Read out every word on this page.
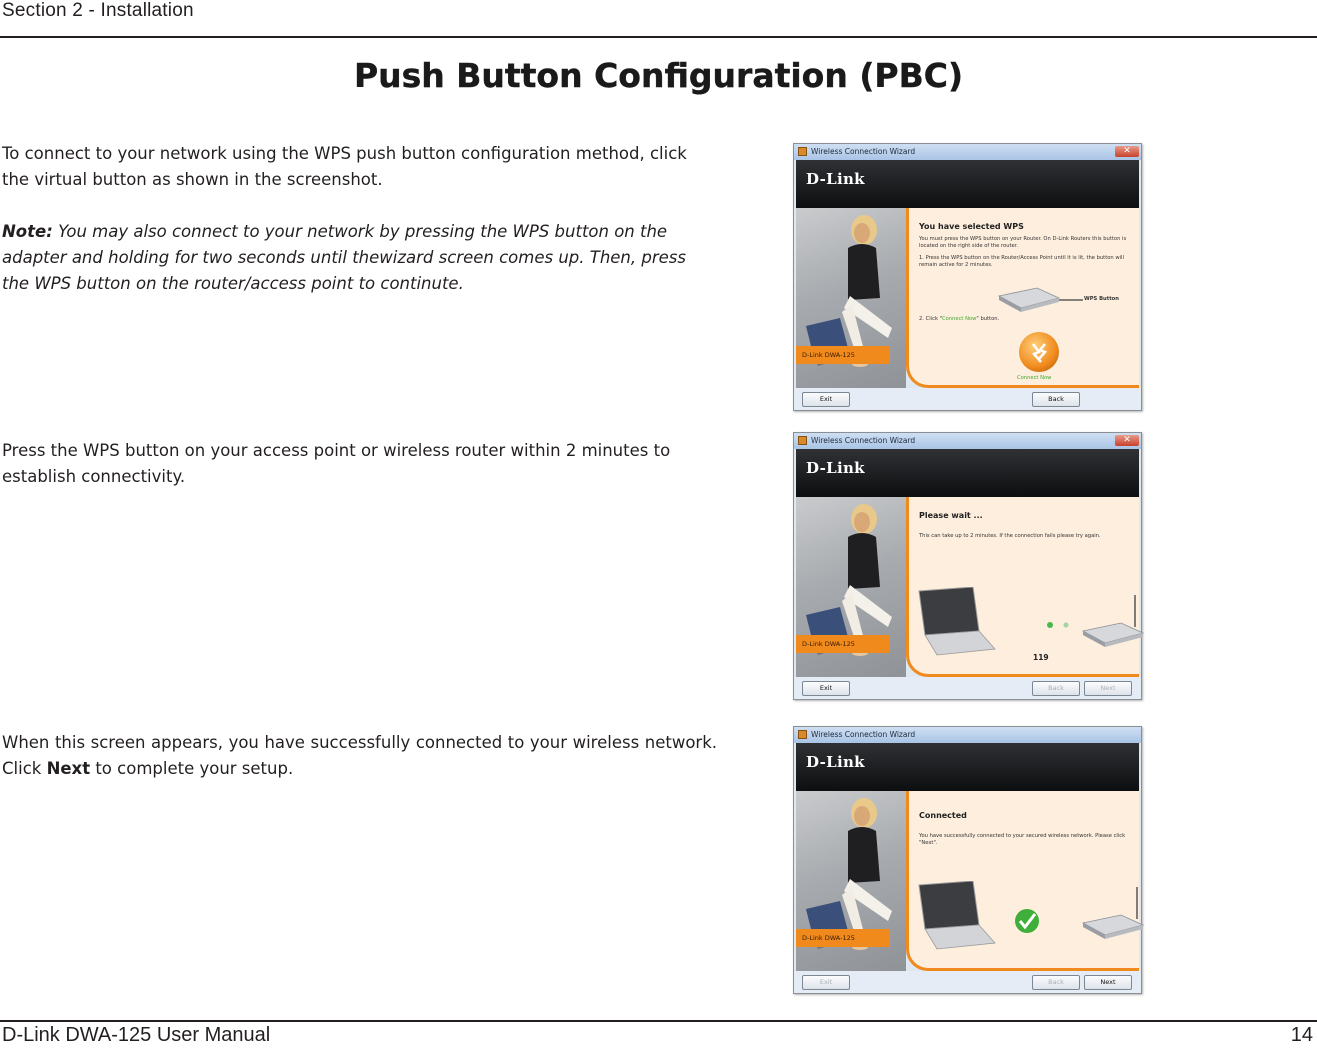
Section 2 - Installation
Push Button Configuration (PBC)

To connect to your network using the WPS push button configuration method, click the virtual button as shown in the screenshot.

Note: You may also connect to your network by pressing the WPS button on the adapter and holding for two seconds until thewizard screen comes up. Then, press the WPS button on the router/access point to continute.

Press the WPS button on your access point or wireless router within 2 minutes to establish connectivity.

When this screen appears, you have successfully connected to your wireless network. Click Next to complete your setup.

Wireless Connection Wizard	✕
D-Link
D-Link DWA-125
You have selected WPS
You must press the WPS button on your Router. On D-Link Routers this button is located on the right side of the router.
1. Press the WPS button on the Router/Access Point until it is lit, the button will remain active for 2 minutes.
WPS Button
2. Click "Connect Now" button.
Connect Now
Exit	Back
Wireless Connection Wizard	✕
D-Link
D-Link DWA-125
Please wait ...
This can take up to 2 minutes. If the connection fails please try again.
119
Exit	Back	Next
Wireless Connection Wizard
D-Link
D-Link DWA-125
Connected
You have successfully connected to your secured wireless network. Please click "Next".
Exit	Back	Next
D-Link DWA-125 User Manual	14
